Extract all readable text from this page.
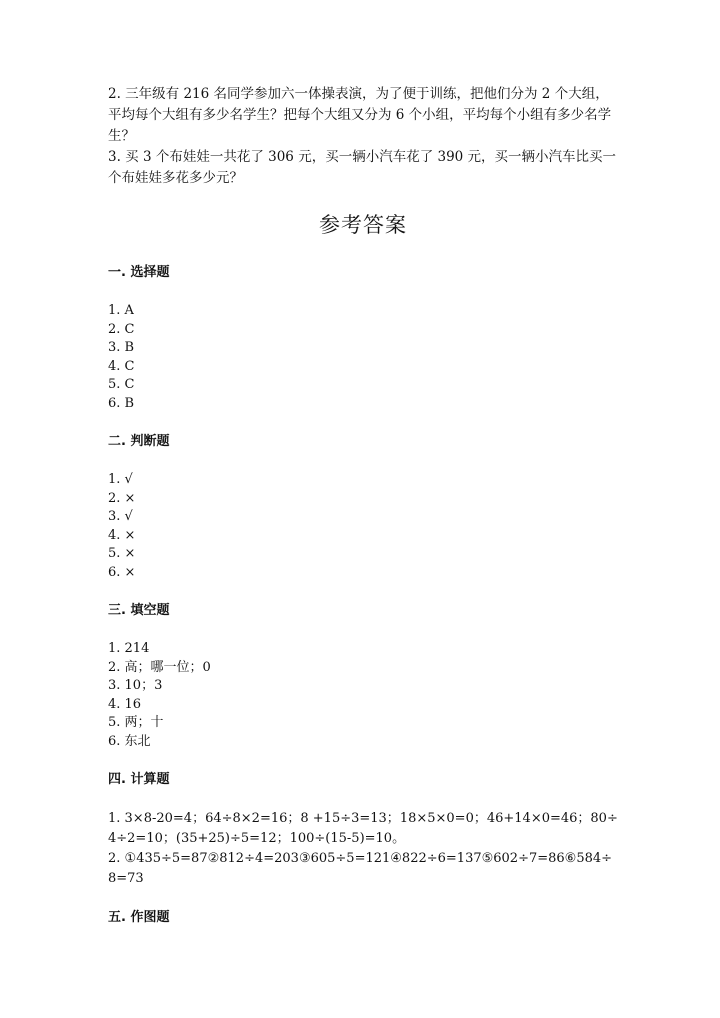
2. 三年级有 216 名同学参加六一体操表演，为了便于训练，把他们分为 2 个大组，平均每个大组有多少名学生？把每个大组又分为 6 个小组，平均每个小组有多少名学生？

3. 买 3 个布娃娃一共花了 306 元，买一辆小汽车花了 390 元，买一辆小汽车比买一个布娃娃多花多少元？

参考答案
一. 选择题
1. A
2. C
3. B
4. C
5. C
6. B
二. 判断题
1. √
2. ×
3. √
4. ×
5. ×
6. ×
三. 填空题
1. 214
2. 高；哪一位；0
3. 10；3
4. 16
5. 两；十
6. 东北
四. 计算题
1. 3×8-20=4；64÷8×2=16；8 +15÷3=13；18×5×0=0；46+14×0=46；80÷4÷2=10；(35+25)÷5=12；100÷(15-5)=10。
2. ①435÷5=87②812÷4=203③605÷5=121④822÷6=137⑤602÷7=86⑥584÷8=73
五. 作图题
